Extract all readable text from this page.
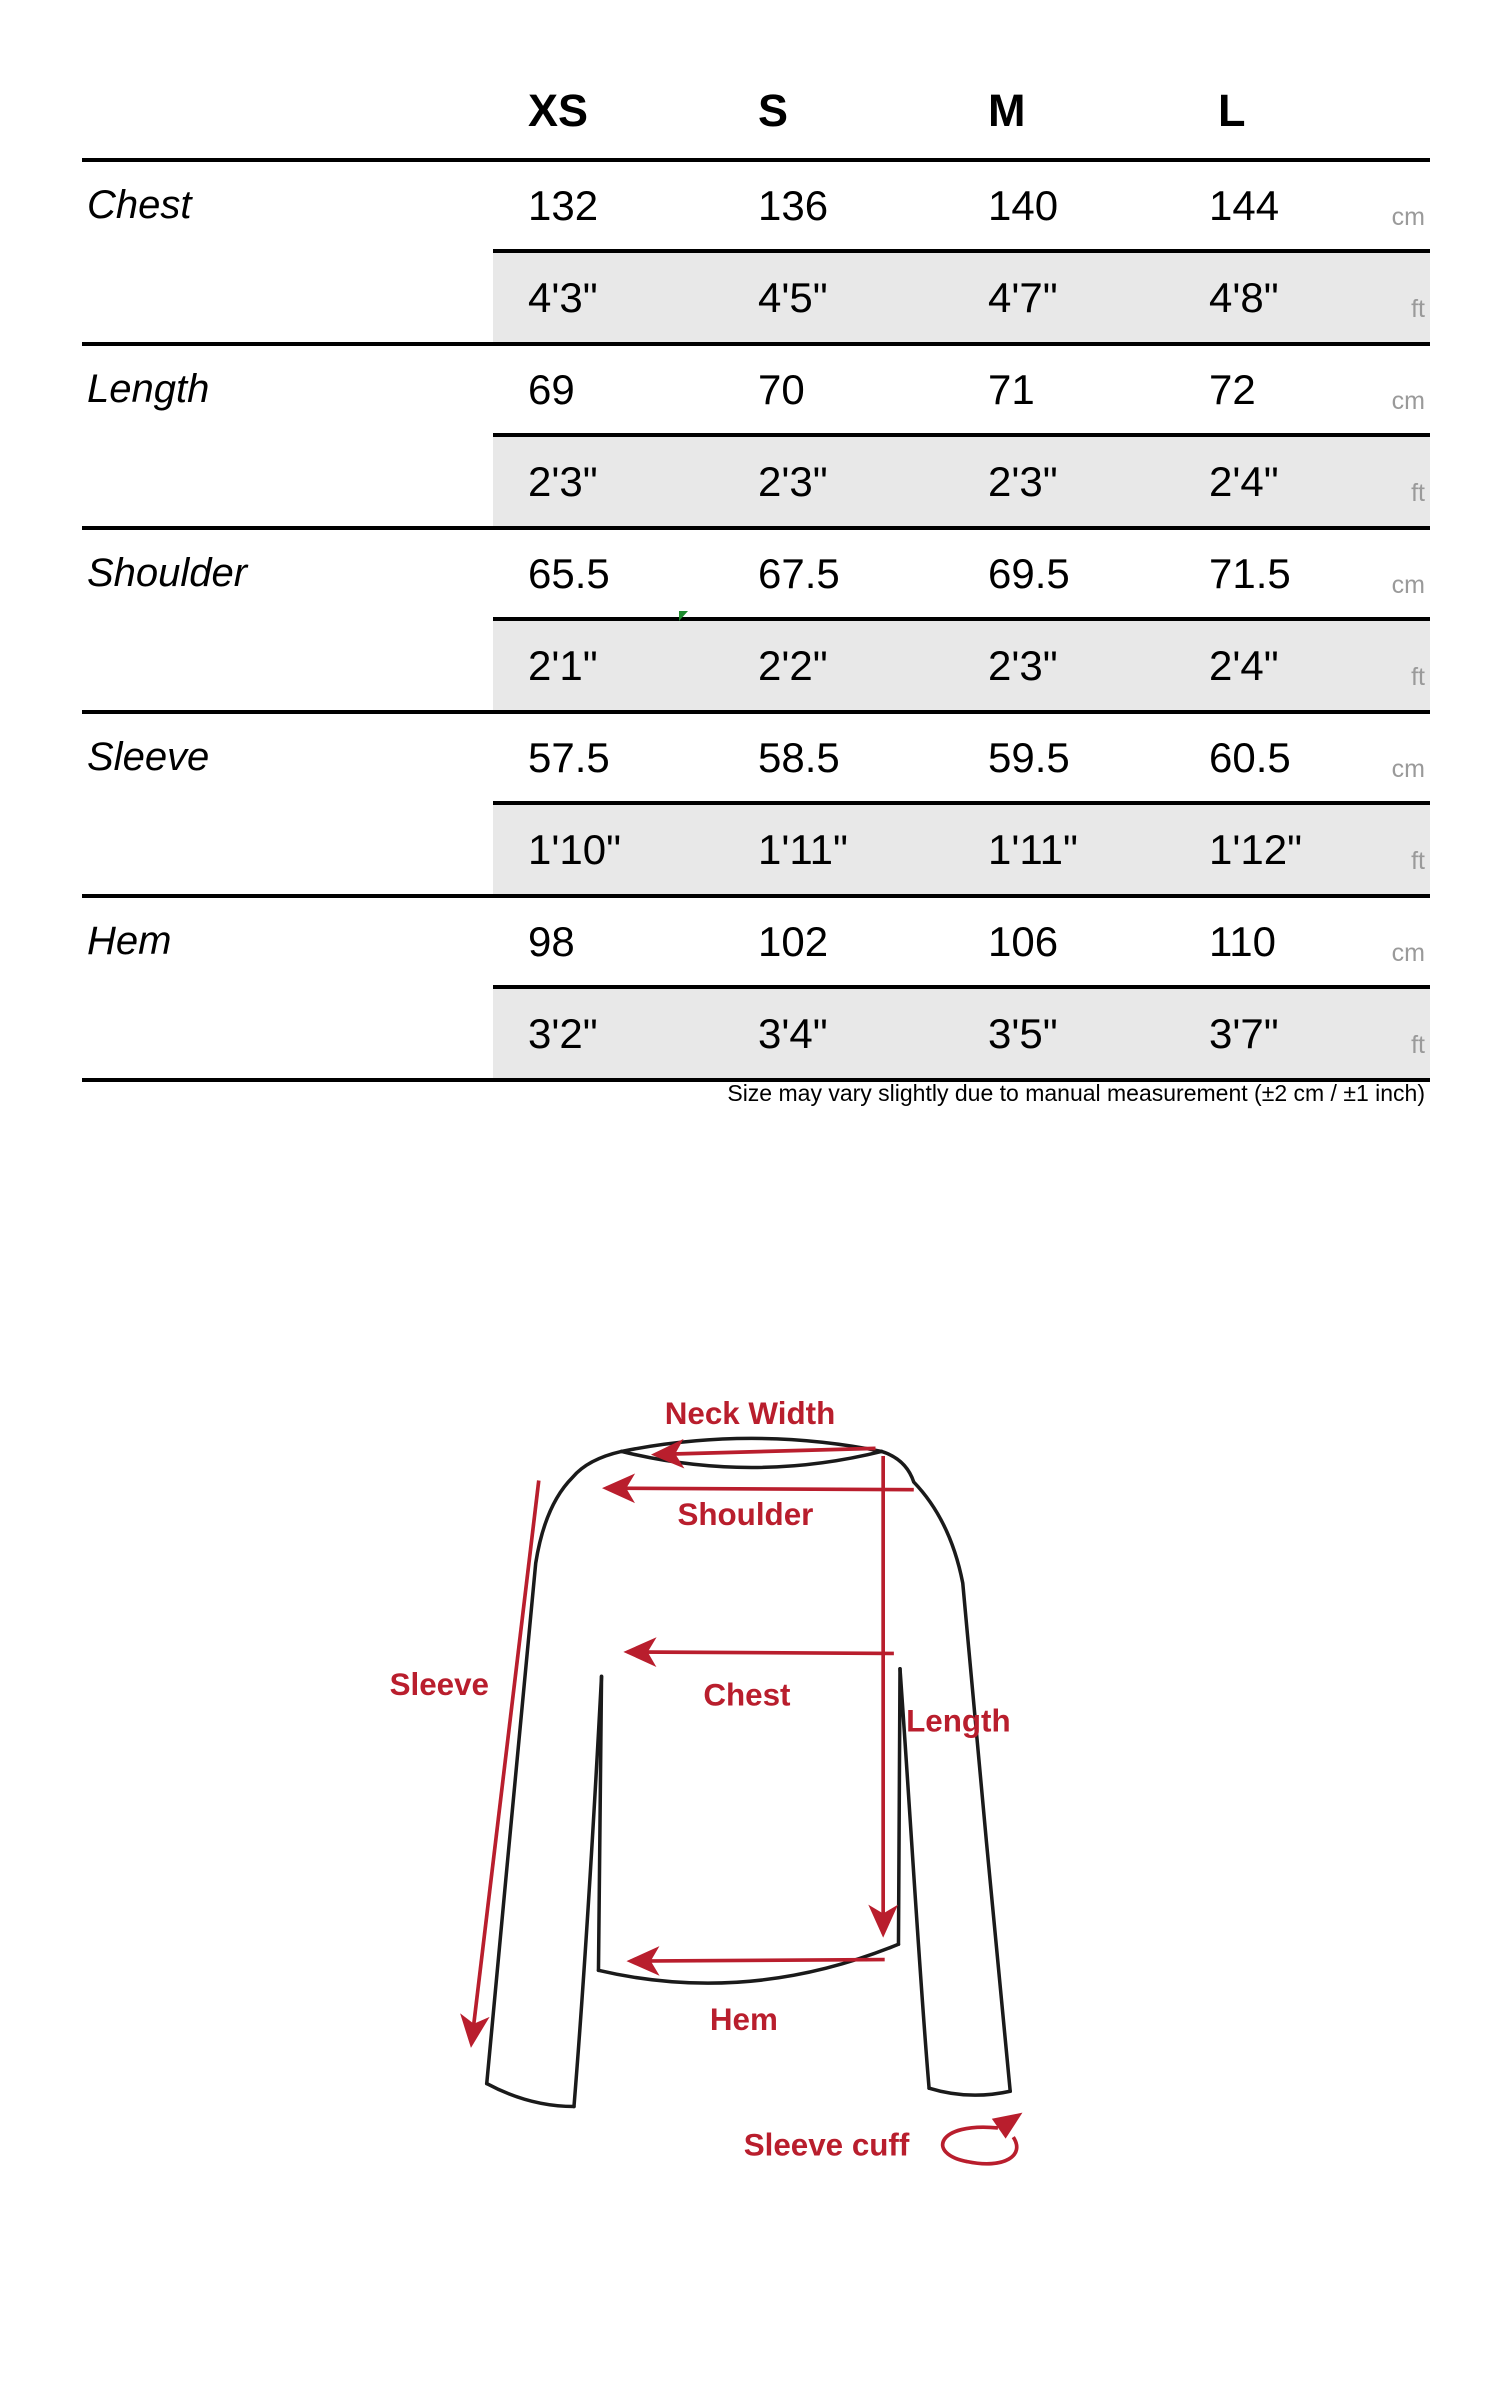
XS	S	M	L
Chest	132	136	140	144	cm
4'3"	4'5"	4'7"	4'8"	ft
Length	69	70	71	72	cm
2'3"	2'3"	2'3"	2'4"	ft
Shoulder	65.5	67.5	69.5	71.5	cm
2'1"	2'2"	2'3"	2'4"	ft
Sleeve	57.5	58.5	59.5	60.5	cm
1'10"	1'11"	1'11"	1'12"	ft
Hem	98	102	106	110	cm
3'2"	3'4"	3'5"	3'7"	ft
Size may vary slightly due to manual measurement (±2 cm / ±1 inch)
Neck Width
Shoulder
Chest
Sleeve
Length
Hem
Sleeve cuff
